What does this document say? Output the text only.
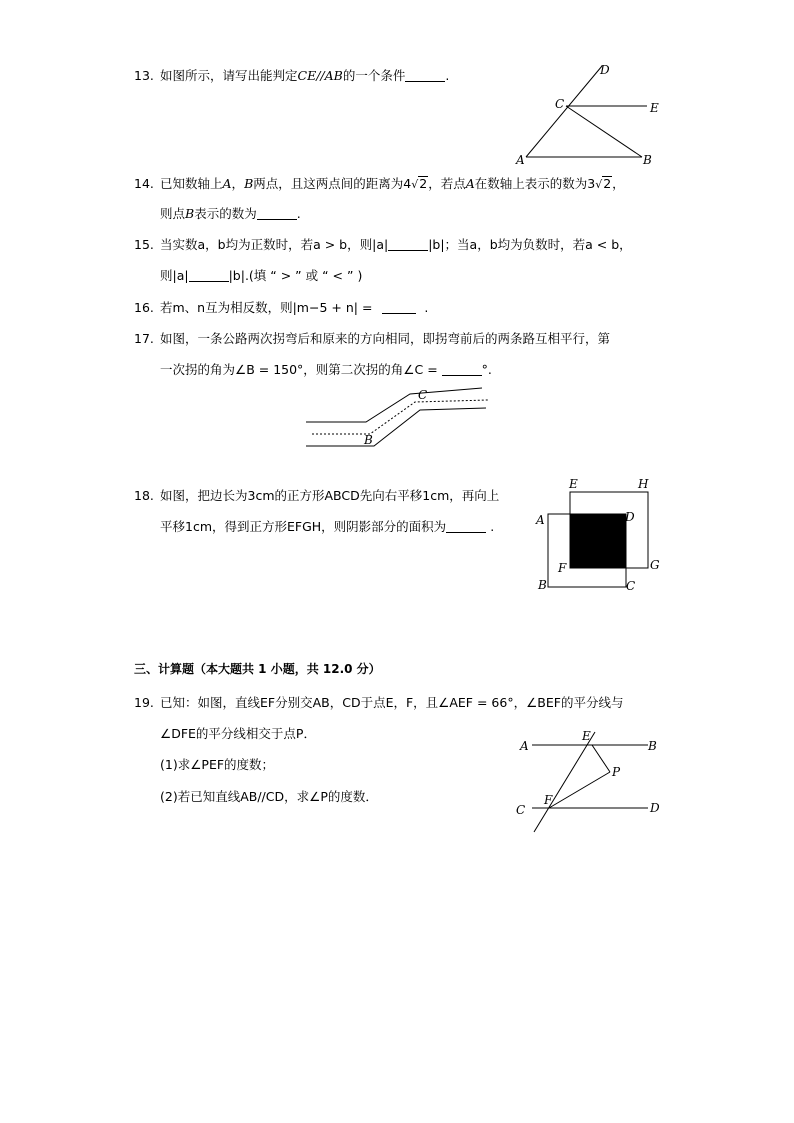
13. 如图所示，请写出能判定CE//AB的一个条件	.
A	B
C
D
E
14. 已知数轴上A，B两点，且这两点间的距离为4√2，若点A在数轴上表示的数为3√2，
则点B表示的数为	.
15. 当实数a，b均为正数时，若a > b，则|a|	|b|；当a，b均为负数时，若a < b，
则|a|	|b|.(填 “ > ” 或 “ < ” )
16. 若m、n互为相反数，则|m−5 + n| =	.
17. 如图，一条公路两次拐弯后和原来的方向相同，即拐弯前后的两条路互相平行，第
一次拐的角为∠B = 150°，则第二次拐的角∠C =	°.
B
C
18. 如图，把边长为3cm的正方形ABCD先向右平移1cm，再向上
平移1cm，得到正方形EFGH，则阴影部分的面积为	.	A
B	C
D
E
F	G
H
三、计算题（本大题共 1 小题，共 12.0 分）
19. 已知：如图，直线EF分别交AB，CD于点E，F，且∠AEF = 66°，∠BEF的平分线与
∠DFE的平分线相交于点P．
(1)求∠PEF的度数；
(2)若已知直线AB//CD，求∠P的度数．
A	B
C	D
E
F
P
